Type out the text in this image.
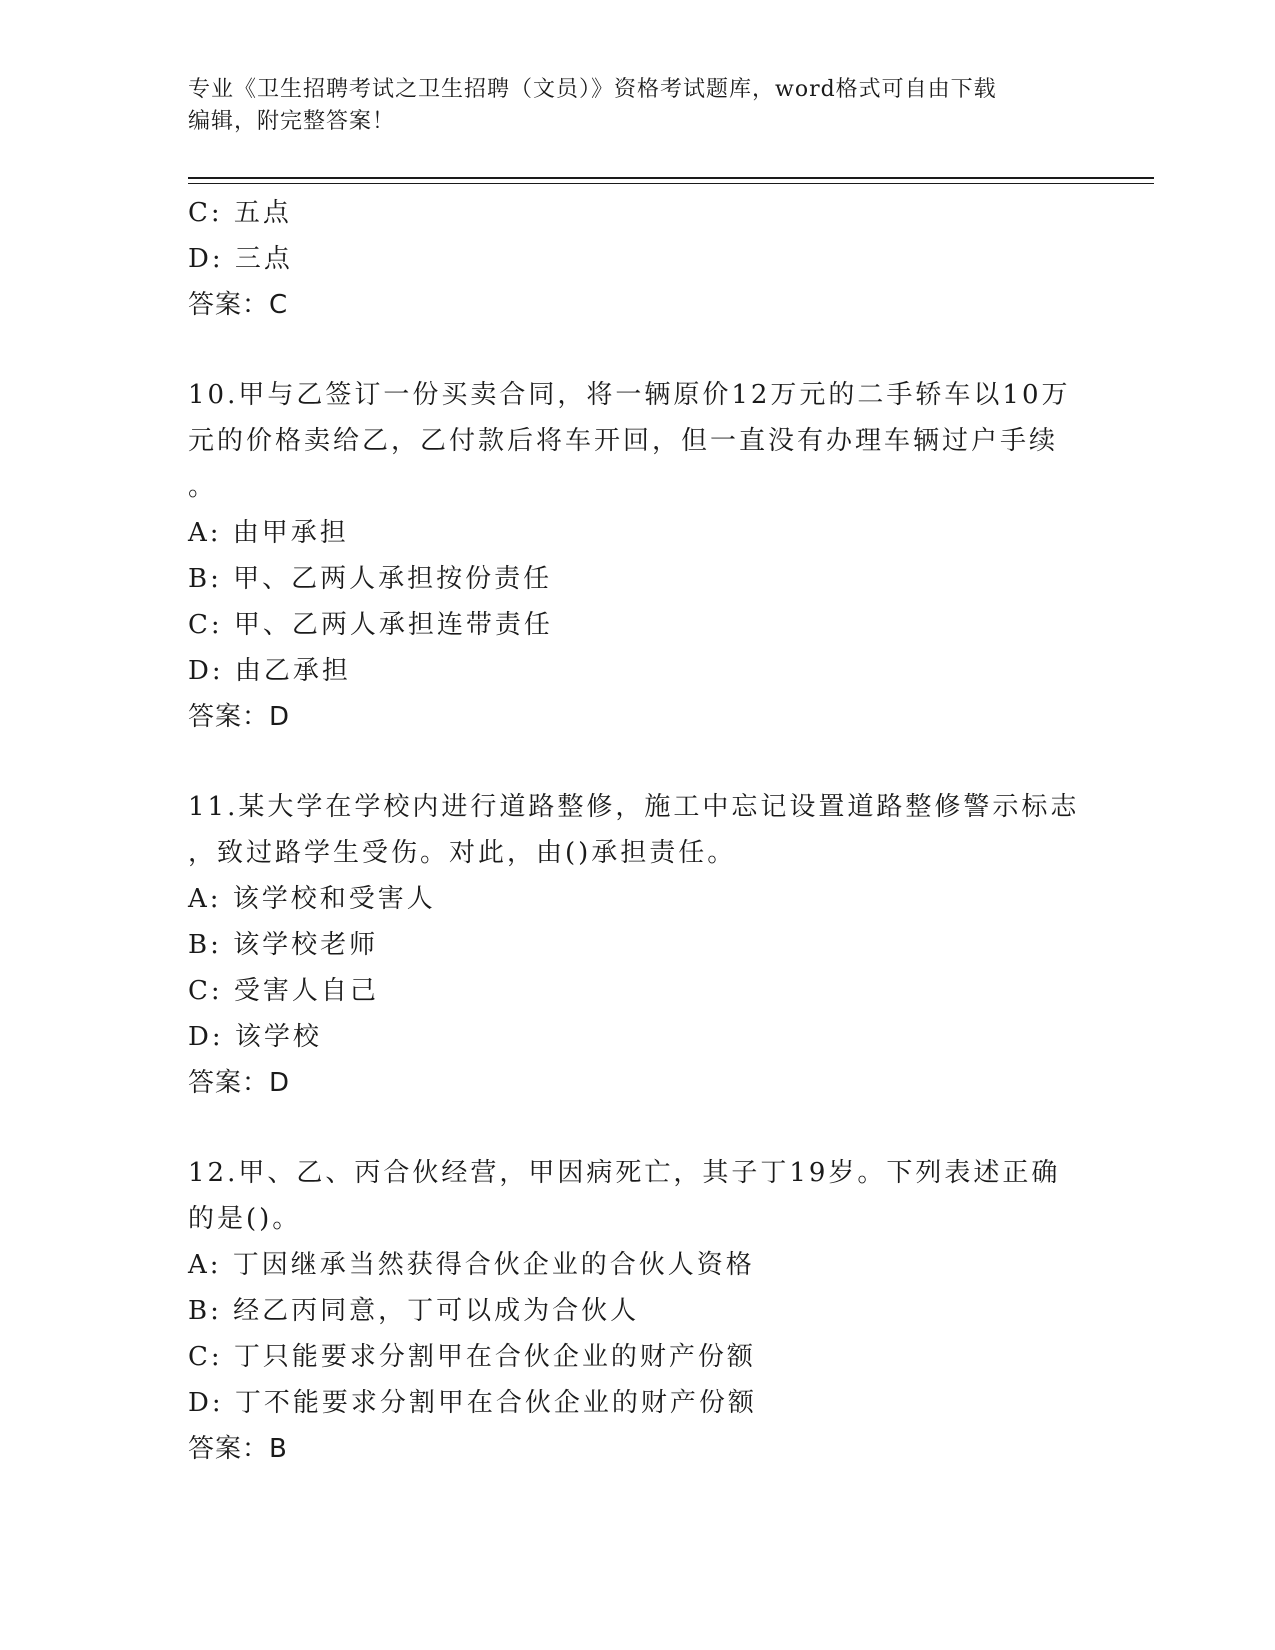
专业《卫生招聘考试之卫生招聘（文员）》资格考试题库，word格式可自由下载
编辑，附完整答案！
C: 五点
D: 三点
答案：C
10.甲与乙签订一份买卖合同，将一辆原价12万元的二手轿车以10万
元的价格卖给乙，乙付款后将车开回，但一直没有办理车辆过户手续
。
A: 由甲承担
B: 甲、乙两人承担按份责任
C: 甲、乙两人承担连带责任
D: 由乙承担
答案：D
11.某大学在学校内进行道路整修，施工中忘记设置道路整修警示标志
，致过路学生受伤。对此，由()承担责任。
A: 该学校和受害人
B: 该学校老师
C: 受害人自己
D: 该学校
答案：D
12.甲、乙、丙合伙经营，甲因病死亡，其子丁19岁。下列表述正确
的是()。
A: 丁因继承当然获得合伙企业的合伙人资格
B: 经乙丙同意，丁可以成为合伙人
C: 丁只能要求分割甲在合伙企业的财产份额
D: 丁不能要求分割甲在合伙企业的财产份额
答案：B
